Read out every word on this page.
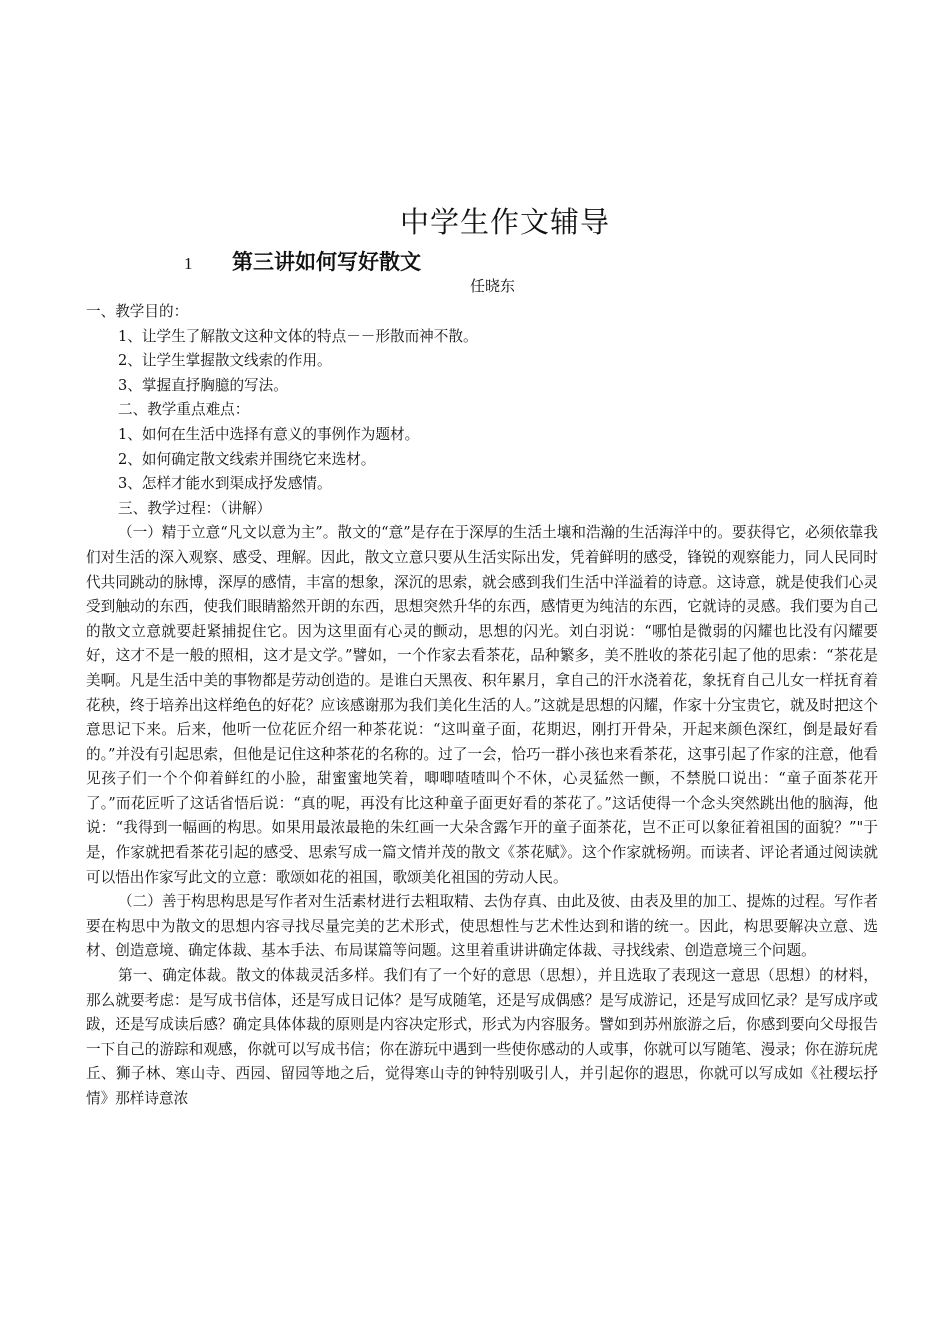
中学生作文辅导
1 第三讲如何写好散文
任晓东

一、教学目的：

1、让学生了解散文这种文体的特点－－形散而神不散。

2、让学生掌握散文线索的作用。

3、掌握直抒胸臆的写法。

二、教学重点难点：

1、如何在生活中选择有意义的事例作为题材。

2、如何确定散文线索并围绕它来选材。

3、怎样才能水到渠成抒发感情。

三、教学过程：（讲解）

（一）精于立意“凡文以意为主”。散文的“意”是存在于深厚的生活土壤和浩瀚的生活海洋中的。要获得它，必须依靠我们对生活的深入观察、感受、理解。因此，散文立意只要从生活实际出发，凭着鲜明的感受，锋锐的观察能力，同人民同时代共同跳动的脉博，深厚的感情，丰富的想象，深沉的思索，就会感到我们生活中洋溢着的诗意。这诗意，就是使我们心灵受到触动的东西，使我们眼睛豁然开朗的东西，思想突然升华的东西，感情更为纯洁的东西，它就诗的灵感。我们要为自己的散文立意就要赶紧捕捉住它。因为这里面有心灵的颤动，思想的闪光。刘白羽说：“哪怕是微弱的闪耀也比没有闪耀要好，这才不是一般的照相，这才是文学。”譬如，一个作家去看茶花，品种繁多，美不胜收的茶花引起了他的思索：“茶花是美啊。凡是生活中美的事物都是劳动创造的。是谁白天黑夜、积年累月，拿自己的汗水浇着花，象抚育自己儿女一样抚育着花秧，终于培养出这样绝色的好花？应该感谢那为我们美化生活的人。”这就是思想的闪耀，作家十分宝贵它，就及时把这个意思记下来。后来，他听一位花匠介绍一种茶花说：“这叫童子面，花期迟，刚打开骨朵，开起来颜色深红，倒是最好看的。”并没有引起思索，但他是记住这种茶花的名称的。过了一会，恰巧一群小孩也来看茶花，这事引起了作家的注意，他看见孩子们一个个仰着鲜红的小脸，甜蜜蜜地笑着，唧唧喳喳叫个不休，心灵猛然一颤，不禁脱口说出：“童子面茶花开了。”而花匠听了这话省悟后说：“真的呢，再没有比这种童子面更好看的茶花了。”这话使得一个念头突然跳出他的脑海，他说：“我得到一幅画的构思。如果用最浓最艳的朱红画一大朵含露乍开的童子面茶花，岂不正可以象征着祖国的面貌？”"于是，作家就把看茶花引起的感受、思索写成一篇文情并茂的散文《茶花赋》。这个作家就杨朔。而读者、评论者通过阅读就可以悟出作家写此文的立意：歌颂如花的祖国，歌颂美化祖国的劳动人民。

（二）善于构思构思是写作者对生活素材进行去粗取精、去伪存真、由此及彼、由表及里的加工、提炼的过程。写作者要在构思中为散文的思想内容寻找尽量完美的艺术形式，使思想性与艺术性达到和谐的统一。因此，构思要解决立意、选材、创造意境、确定体裁、基本手法、布局谋篇等问题。这里着重讲讲确定体裁、寻找线索、创造意境三个问题。

第一、确定体裁。散文的体裁灵活多样。我们有了一个好的意思（思想），并且选取了表现这一意思（思想）的材料，那么就要考虑：是写成书信体，还是写成日记体？是写成随笔，还是写成偶感？是写成游记，还是写成回忆录？是写成序或跋，还是写成读后感？确定具体体裁的原则是内容决定形式，形式为内容服务。譬如到苏州旅游之后，你感到要向父母报告一下自己的游踪和观感，你就可以写成书信；你在游玩中遇到一些使你感动的人或事，你就可以写随笔、漫录；你在游玩虎丘、狮子林、寒山寺、西园、留园等地之后，觉得寒山寺的钟特别吸引人，并引起你的遐思，你就可以写成如《社稷坛抒情》那样诗意浓
